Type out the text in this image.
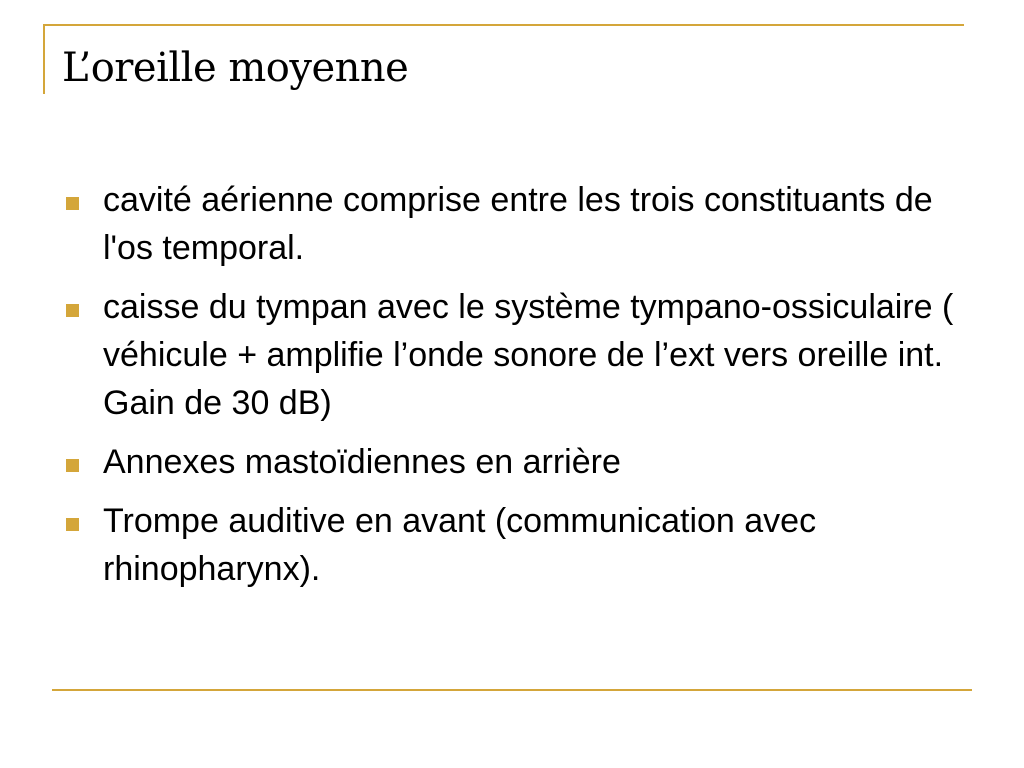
L’oreille moyenne
cavité aérienne comprise entre les trois constituants de l'os temporal.
caisse du tympan avec le système tympano-ossiculaire ( véhicule + amplifie l’onde sonore de l’ext vers oreille int. Gain de 30 dB)
Annexes mastoïdiennes en arrière
Trompe auditive en avant (communication avec rhinopharynx).
